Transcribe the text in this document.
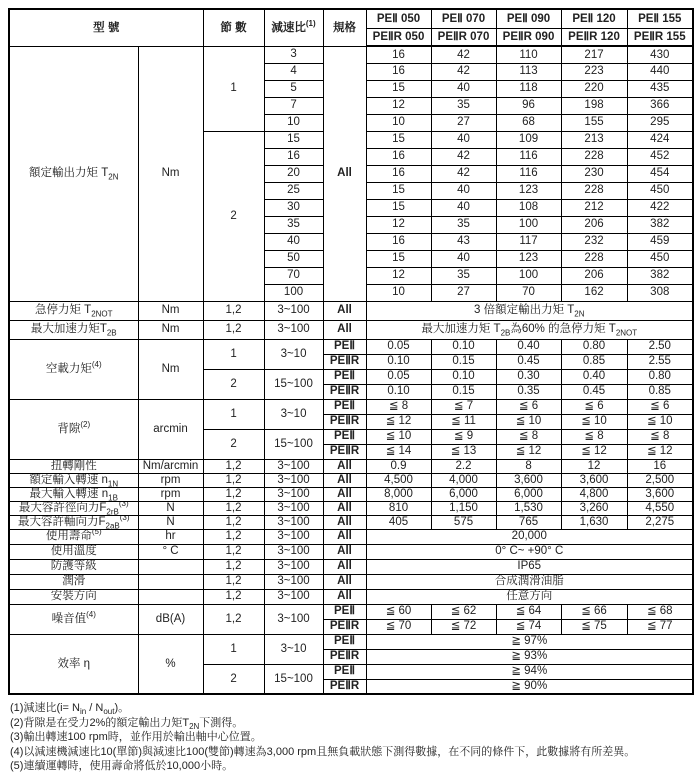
型 號		節 數	減速比$^{(1)}$	規格	PEⅡ 050	PEⅡ 070	PEⅡ 090	PEⅡ 120	PEⅡ 155
					PEⅡR 050	PEⅡR 070	PEⅡR 090	PEⅡR 120	PEⅡR 155
額定輸出力矩 $T_{2N}$	Nm	1	3	All	16	42	110	217	430
			4		16	42	113	223	440
			5		15	40	118	220	435
			7		12	35	96	198	366
			10		10	27	68	155	295
		2	15		15	40	109	213	424
			16		16	42	116	228	452
			20		16	42	116	230	454
			25		15	40	123	228	450
			30		15	40	108	212	422
			35		12	35	100	206	382
			40		16	43	117	232	459
			50		15	40	123	228	450
			70		12	35	100	206	382
			100		10	27	70	162	308
急停力矩 $T_{2NOT}$	Nm	1,2	3~100	All	3 倍額定輸出力矩 $T_{2N}$
最大加速力矩$T_{2B}$	Nm	1,2	3~100	All	最大加速力矩 $T_{2B}$為60% 的急停力矩 $T_{2NOT}$
空載力矩$^{(4)}$	Nm	1	3~10	PEⅡ	0.05	0.10	0.40	0.80	2.50
				PEⅡR	0.10	0.15	0.45	0.85	2.55
		2	15~100	PEⅡ	0.05	0.10	0.30	0.40	0.80
				PEⅡR	0.10	0.15	0.35	0.45	0.85
背隙$^{(2)}$	arcmin	1	3~10	PEⅡ	≦ 8	≦ 7	≦ 6	≦ 6	≦ 6
				PEⅡR	≦ 12	≦ 11	≦ 10	≦ 10	≦ 10
		2	15~100	PEⅡ	≦ 10	≦ 9	≦ 8	≦ 8	≦ 8
				PEⅡR	≦ 14	≦ 13	≦ 12	≦ 12	≦ 12
扭轉剛性	Nm/arcmin	1,2	3~100	All	0.9	2.2	8	12	16
額定輸入轉速 $n_{1N}$	rpm	1,2	3~100	All	4,500	4,000	3,600	3,600	2,500
最大輸入轉速 $n_{1B}$	rpm	1,2	3~100	All	8,000	6,000	6,000	4,800	3,600
最大容許徑向力$F_{2rB}^{(3)}$	N	1,2	3~100	All	810	1,150	1,530	3,260	4,550
最大容許軸向力$F_{2aB}^{(3)}$	N	1,2	3~100	All	405	575	765	1,630	2,275
使用壽命$^{(5)}$	hr	1,2	3~100	All	20,000				
使用溫度	° C	1,2	3~100	All	0° C~ +90° C				
防護等級		1,2	3~100	All	IP65				
潤滑		1,2	3~100	All	合成潤滑油脂				
安裝方向		1,2	3~100	All	任意方向				
噪音值$^{(4)}$	dB(A)	1,2	3~100	PEⅡ	≦ 60	≦ 62	≦ 64	≦ 66	≦ 68
				PEⅡR	≦ 70	≦ 72	≦ 74	≦ 75	≦ 77
效率 η	%	1	3~10	PEⅡ	≧ 97%				
				PEⅡR	≧ 93%				
		2	15~100	PEⅡ	≧ 94%				
				PEⅡR	≧ 90%				
(1)減速比$(i= N_{in} / N_{out})$。
(2)背隙是在受力2%的額定輸出力矩$T_{2N}$下測得。
(3)輸出轉速100 rpm時，並作用於輸出軸中心位置。
(4)以減速機減速比10(單節)與減速比100(雙節)轉速為3,000 rpm且無負載狀態下測得數據，在不同的條件下，此數據將有所差異。
(5)連續運轉時，使用壽命將低於10,000小時。
